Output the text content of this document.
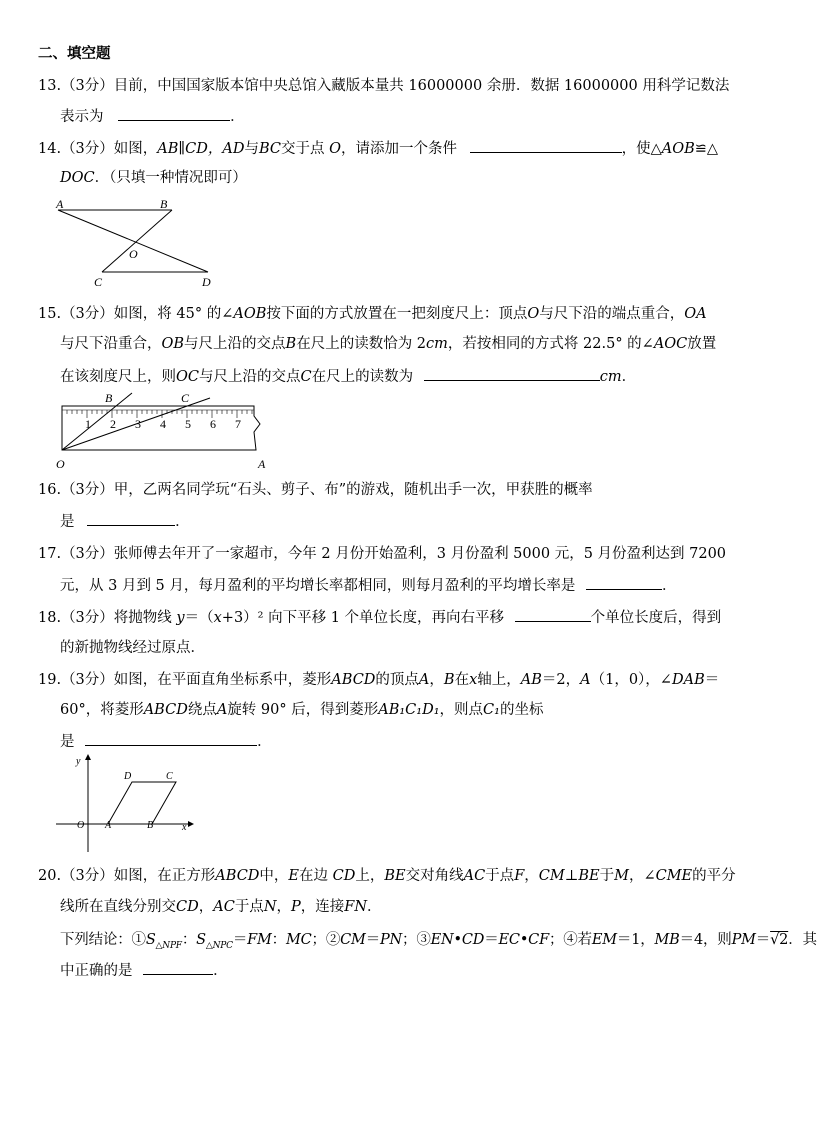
二、填空题
13.（3分）目前，中国国家版本馆中央总馆入藏版本量共 16000000 余册．数据 16000000 用科学记数法
表示为	．
14.（3分）如图，AB∥CD，AD与BC交于点 O，请添加一个条件	，使△AOB≌△
DOC．（只填一种情况即可）
A	B
O
C	D
15.（3分）如图，将 45° 的∠AOB按下面的方式放置在一把刻度尺上：顶点O与尺下沿的端点重合，OA
与尺下沿重合，OB与尺上沿的交点B在尺上的读数恰为 2cm，若按相同的方式将 22.5° 的∠AOC放置
在该刻度尺上，则OC与尺上沿的交点C在尺上的读数为	cm．
B	C
O	A
1 2 3 4 5 6 7
16.（3分）甲，乙两名同学玩“石头、剪子、布”的游戏，随机出手一次，甲获胜的概率
是	．
17.（3分）张师傅去年开了一家超市，今年 2 月份开始盈利，3 月份盈利 5000 元，5 月份盈利达到 7200
元，从 3 月到 5 月，每月盈利的平均增长率都相同，则每月盈利的平均增长率是	．
18.（3分）将抛物线 y＝（x+3）² 向下平移 1 个单位长度，再向右平移	个单位长度后，得到
的新抛物线经过原点．
19.（3分）如图，在平面直角坐标系中，菱形ABCD的顶点A，B在x轴上，AB＝2，A（1，0），∠DAB＝
60°，将菱形ABCD绕点A旋转 90° 后，得到菱形AB₁C₁D₁，则点C₁的坐标
是	．
y
D	C
O A	B	x
20.（3分）如图，在正方形ABCD中，E在边 CD上，BE交对角线AC于点F，CM⊥BE于M，∠CME的平分
线所在直线分别交CD，AC于点N，P，连接FN．
下列结论：$①S_{\triangle NPF}$：$S_{\triangle NPC}=FM$：MC；②CM＝PN；③EN•CD＝EC•CF；④若EM＝1，MB＝4，则PM＝√2．其
中正确的是	．
